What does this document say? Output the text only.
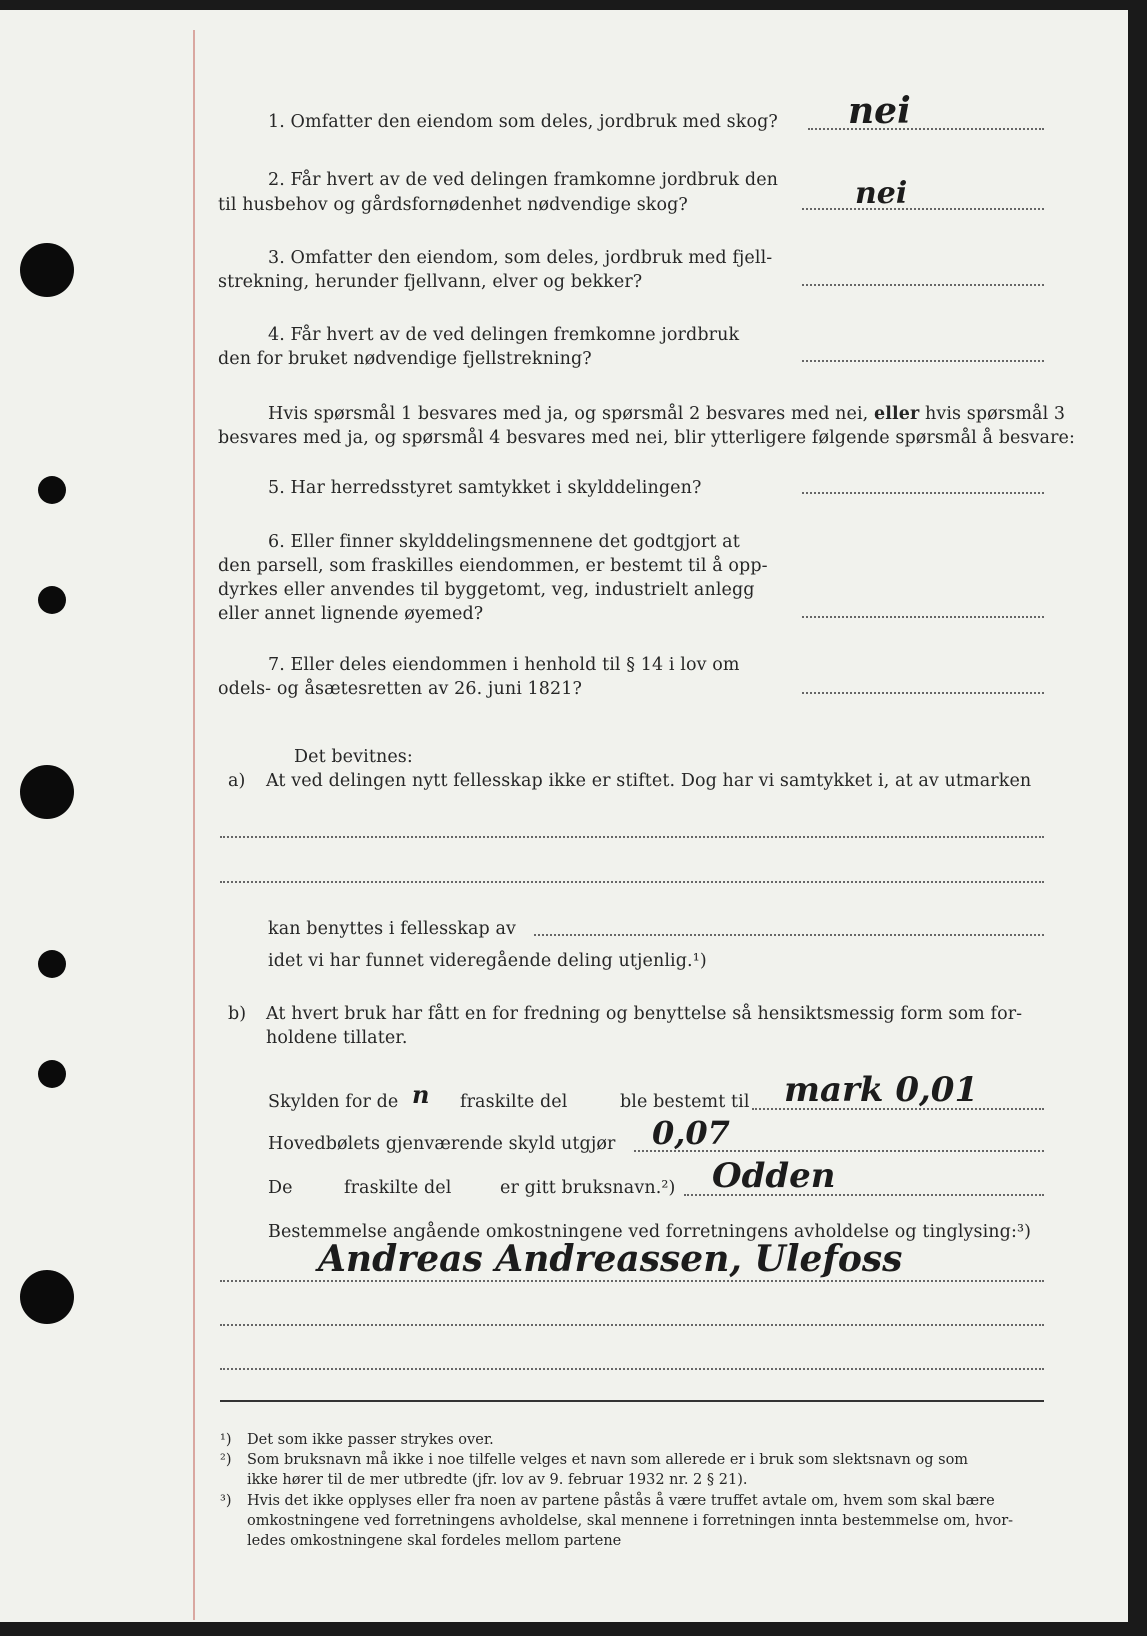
1. Omfatter den eiendom som deles, jordbruk med skog? nei
2. Får hvert av de ved delingen framkomne jordbruk den
til husbehov og gårdsfornødenhet nødvendige skog?	nei
3. Omfatter den eiendom, som deles, jordbruk med fjell-
strekning, herunder fjellvann, elver og bekker?
4. Får hvert av de ved delingen fremkomne jordbruk
den for bruket nødvendige fjellstrekning?
Hvis spørsmål 1 besvares med ja, og spørsmål 2 besvares med nei, eller hvis spørsmål 3
besvares med ja, og spørsmål 4 besvares med nei, blir ytterligere følgende spørsmål å besvare:
5. Har herredsstyret samtykket i skylddelingen?
6. Eller finner skylddelingsmennene det godtgjort at
den parsell, som fraskilles eiendommen, er bestemt til å opp-
dyrkes eller anvendes til byggetomt, veg, industrielt anlegg
eller annet lignende øyemed?
7. Eller deles eiendommen i henhold til § 14 i lov om
odels- og åsætesretten av 26. juni 1821?
Det bevitnes:
a) At ved delingen nytt fellesskap ikke er stiftet. Dog har vi samtykket i, at av utmarken
kan benyttes i fellesskap av
idet vi har funnet videregående deling utjenlig.¹)
b) At hvert bruk har fått en for fredning og benyttelse så hensiktsmessig form som for-
holdene tillater.
Skylden for de n fraskilte del	ble bestemt til mark 0,01
Hovedbølets gjenværende skyld utgjør 0,07
De	fraskilte del	er gitt bruksnavn.²) Odden
Bestemmelse angående omkostningene ved forretningens avholdelse og tinglysing:³)
Andreas Andreassen, Ulefoss
¹) Det som ikke passer strykes over.
²) Som bruksnavn må ikke i noe tilfelle velges et navn som allerede er i bruk som slektsnavn og som
ikke hører til de mer utbredte (jfr. lov av 9. februar 1932 nr. 2 § 21).
³) Hvis det ikke opplyses eller fra noen av partene påstås å være truffet avtale om, hvem som skal bære
omkostningene ved forretningens avholdelse, skal mennene i forretningen innta bestemmelse om, hvor-
ledes omkostningene skal fordeles mellom partene
